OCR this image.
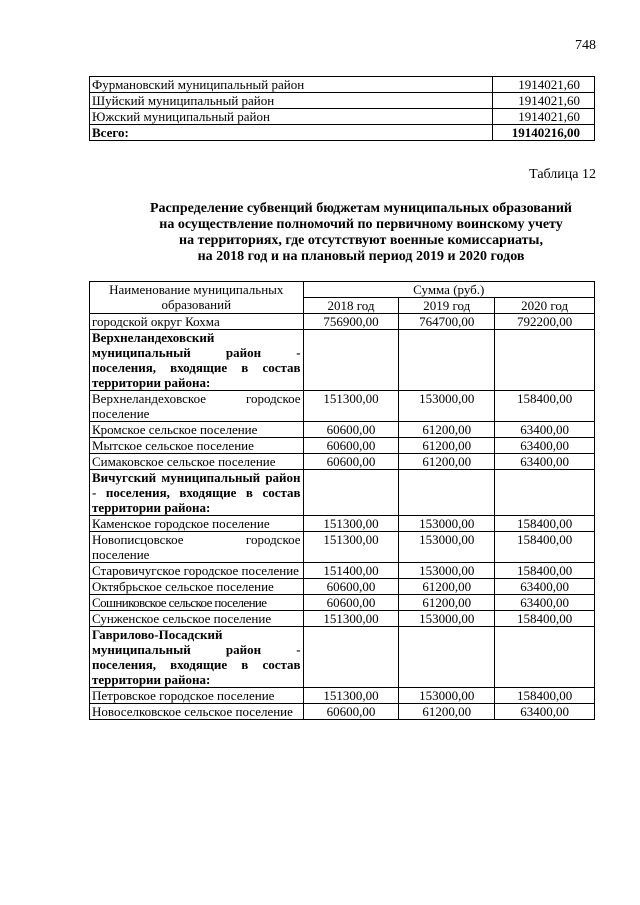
748
Фурмановский муниципальный район	1914021,60
Шуйский муниципальный район	1914021,60
Южский муниципальный район	1914021,60
Всего:	19140216,00
Таблица 12
Распределение субвенций бюджетам муниципальных образований
на осуществление полномочий по первичному воинскому учету
на территориях, где отсутствуют военные комиссариаты,
на 2018 год и на плановый период 2019 и 2020 годов
Наименование муниципальных образований	Сумма (руб.)		
	2018 год	2019 год	2020 год
городской округ Кохма	756900,00	764700,00	792200,00
Верхнеландеховский муниципальный район - поселения, входящие в состав территории района:			
Верхнеландеховское городское поселение	151300,00	153000,00	158400,00
Кромское сельское поселение	60600,00	61200,00	63400,00
Мытское сельское поселение	60600,00	61200,00	63400,00
Симаковское сельское поселение	60600,00	61200,00	63400,00
Вичугский муниципальный район - поселения, входящие в состав территории района:			
Каменское городское поселение	151300,00	153000,00	158400,00
Новописцовское городское поселение	151300,00	153000,00	158400,00
Старовичугское городское поселение	151400,00	153000,00	158400,00
Октябрьское сельское поселение	60600,00	61200,00	63400,00
Сошниковское сельское поселение	60600,00	61200,00	63400,00
Сунженское сельское поселение	151300,00	153000,00	158400,00
Гаврилово-Посадский муниципальный район - поселения, входящие в состав территории района:			
Петровское городское поселение	151300,00	153000,00	158400,00
Новоселковское сельское поселение	60600,00	61200,00	63400,00
